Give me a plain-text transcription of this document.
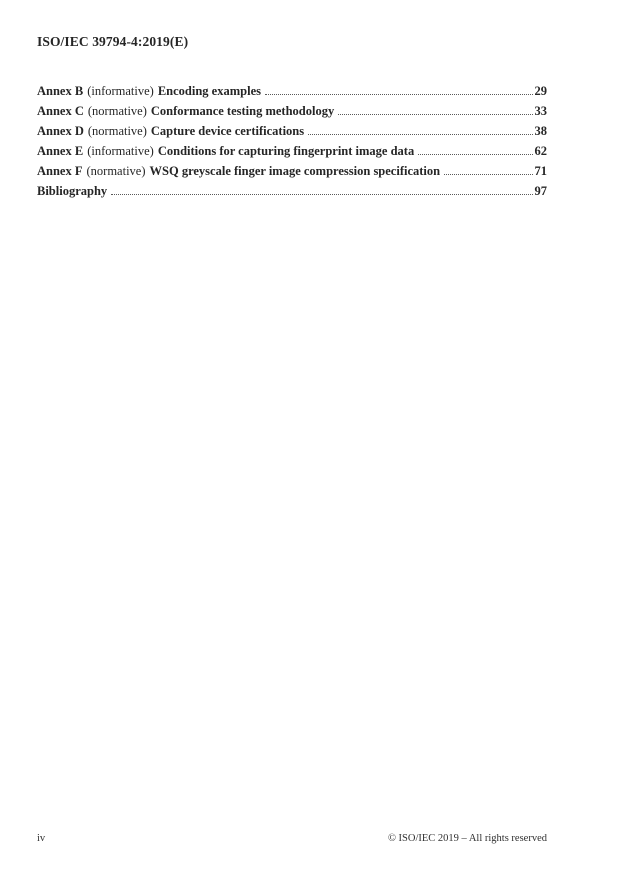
ISO/IEC 39794-4:2019(E)
Annex B (informative) Encoding examples	29
Annex C (normative) Conformance testing methodology	33
Annex D (normative) Capture device certifications	38
Annex E (informative) Conditions for capturing fingerprint image data	62
Annex F (normative) WSQ greyscale finger image compression specification	71
Bibliography	97
iv	© ISO/IEC 2019 – All rights reserved
